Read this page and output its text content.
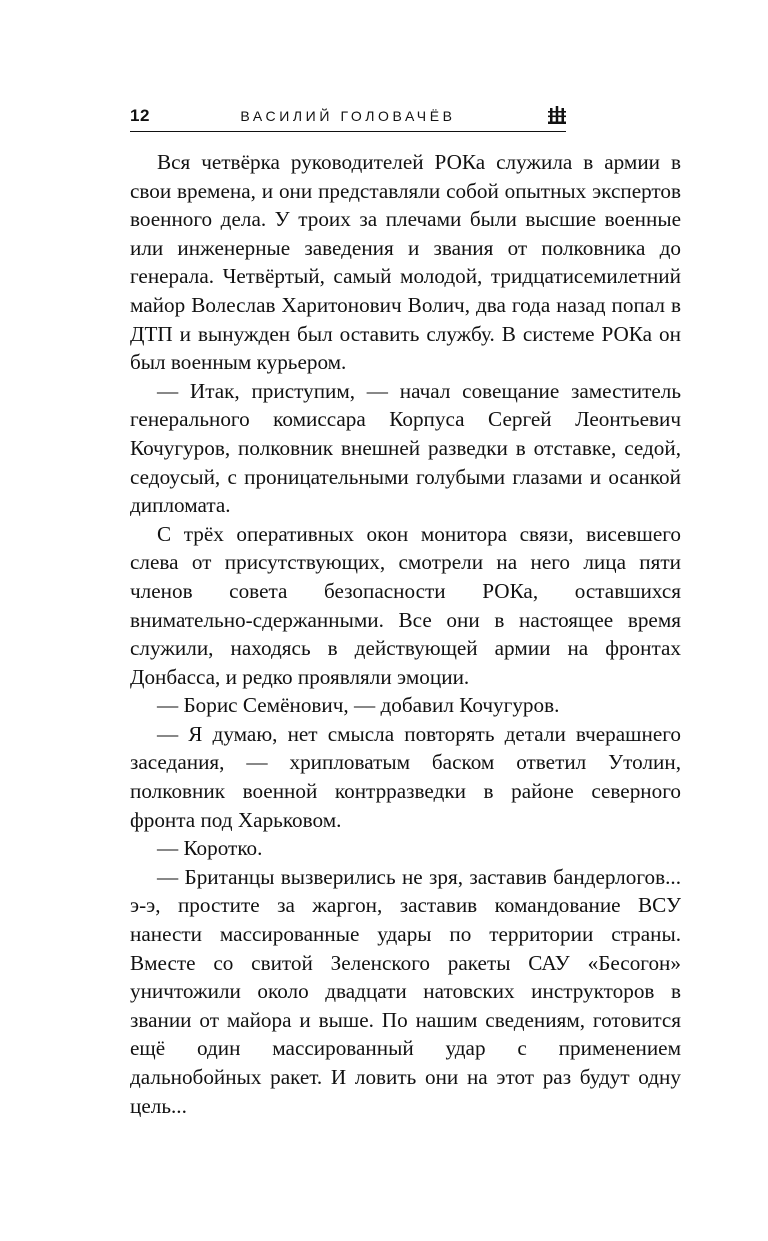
12	ВАСИЛИЙ ГОЛОВАЧЁВ

Вся четвёрка руководителей РОКа служила в армии в свои времена, и они представляли собой опытных экспертов военного дела. У троих за плечами были высшие военные или инженерные заведения и звания от полковника до генерала. Четвёртый, самый молодой, тридцатисемилетний майор Волеслав Харитонович Волич, два года назад попал в ДТП и вынужден был оставить службу. В системе РОКа он был военным курьером.

— Итак, приступим, — начал совещание заместитель генерального комиссара Корпуса Сергей Леонтьевич Кочугуров, полковник внешней разведки в отставке, седой, седоусый, с проницательными голубыми глазами и осанкой дипломата.

С трёх оперативных окон монитора связи, висевшего слева от присутствующих, смотрели на него лица пяти членов совета безопасности РОКа, оставшихся внимательно-сдержанными. Все они в настоящее время служили, находясь в действующей армии на фронтах Донбасса, и редко проявляли эмоции.

— Борис Семёнович, — добавил Кочугуров.

— Я думаю, нет смысла повторять детали вчерашнего заседания, — хрипловатым баском ответил Утолин, полковник военной контрразведки в районе северного фронта под Харьковом.

— Коротко.

— Британцы вызверились не зря, заставив бандерлогов... э-э, простите за жаргон, заставив командование ВСУ нанести массированные удары по территории страны. Вместе со свитой Зеленского ракеты САУ «Бесогон» уничтожили около двадцати натовских инструкторов в звании от майора и выше. По нашим сведениям, готовится ещё один массированный удар с применением дальнобойных ракет. И ловить они на этот раз будут одну цель...
